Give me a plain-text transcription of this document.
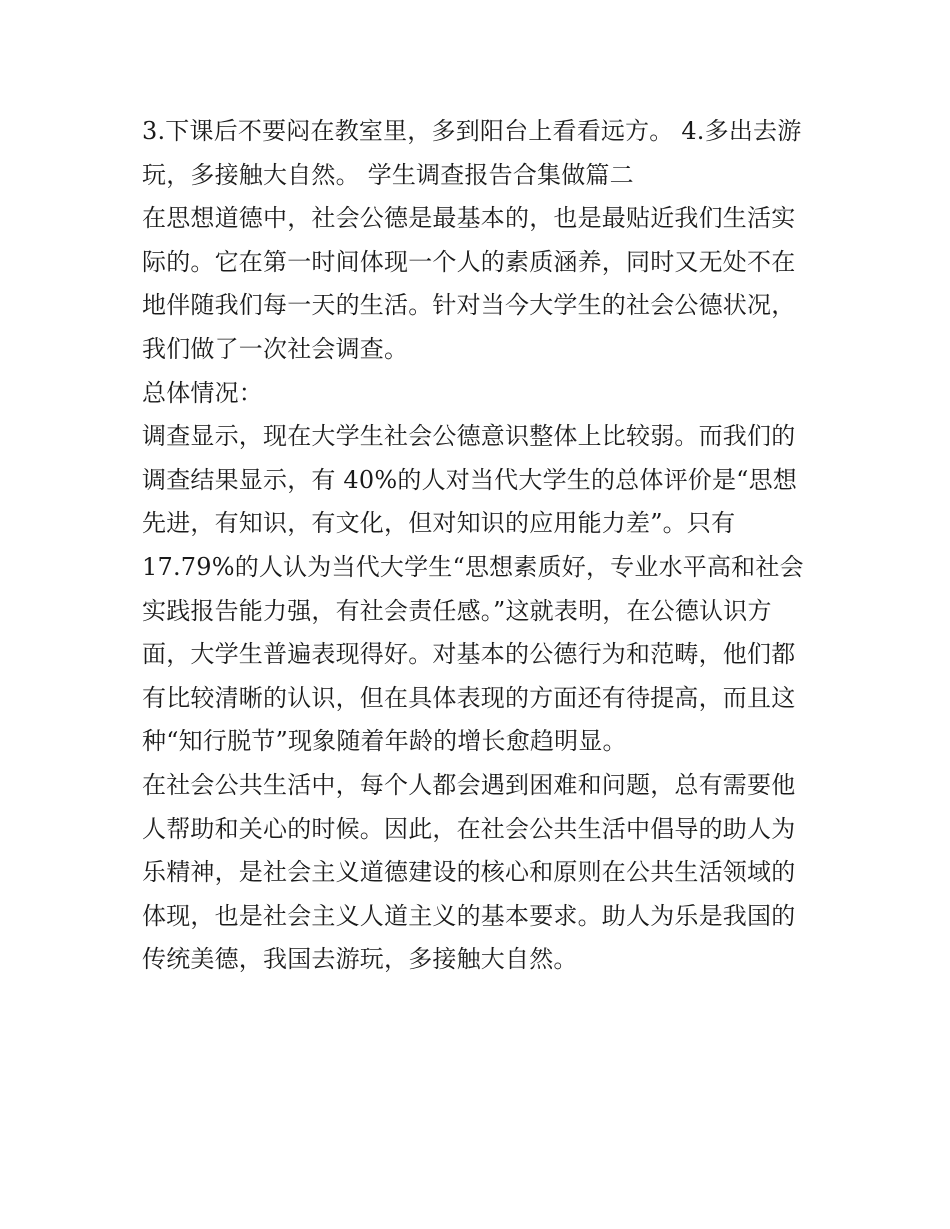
3.下课后不要闷在教室里，多到阳台上看看远方。 4.多出去游
玩，多接触大自然。 学生调查报告合集做篇二
在思想道德中，社会公德是最基本的，也是最贴近我们生活实
际的。它在第一时间体现一个人的素质涵养，同时又无处不在
地伴随我们每一天的生活。针对当今大学生的社会公德状况，
我们做了一次社会调查。
总体情况：
调查显示，现在大学生社会公德意识整体上比较弱。而我们的
调查结果显示，有 40%的人对当代大学生的总体评价是“思想
先进，有知识，有文化，但对知识的应用能力差”。只有
17.79%的人认为当代大学生“思想素质好，专业水平高和社会
实践报告能力强，有社会责任感。”这就表明，在公德认识方
面，大学生普遍表现得好。对基本的公德行为和范畴，他们都
有比较清晰的认识，但在具体表现的方面还有待提高，而且这
种“知行脱节”现象随着年龄的增长愈趋明显。
在社会公共生活中，每个人都会遇到困难和问题，总有需要他
人帮助和关心的时候。因此，在社会公共生活中倡导的助人为
乐精神，是社会主义道德建设的核心和原则在公共生活领域的
体现，也是社会主义人道主义的基本要求。助人为乐是我国的
传统美德，我国去游玩，多接触大自然。
